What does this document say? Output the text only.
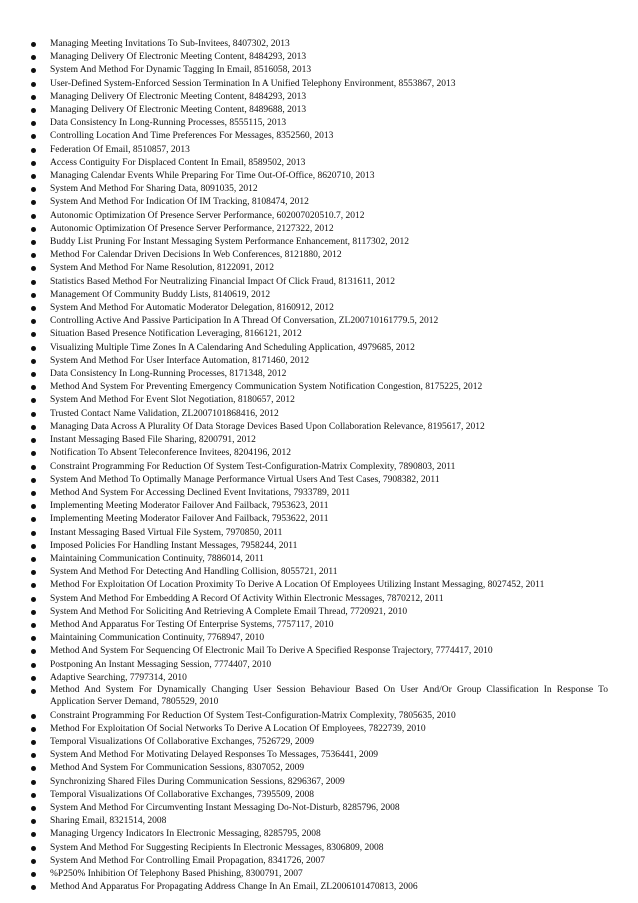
Managing Meeting Invitations To Sub-Invitees, 8407302, 2013
Managing Delivery Of Electronic Meeting Content, 8484293, 2013
System And Method For Dynamic Tagging In Email, 8516058, 2013
User-Defined System-Enforced Session Termination In A Unified Telephony Environment, 8553867, 2013
Managing Delivery Of Electronic Meeting Content, 8484293, 2013
Managing Delivery Of Electronic Meeting Content, 8489688, 2013
Data Consistency In Long-Running Processes, 8555115, 2013
Controlling Location And Time Preferences For Messages, 8352560, 2013
Federation Of Email, 8510857, 2013
Access Contiguity For Displaced Content In Email, 8589502, 2013
Managing Calendar Events While Preparing For Time Out-Of-Office, 8620710, 2013
System And Method For Sharing Data, 8091035, 2012
System And Method For Indication Of IM Tracking, 8108474, 2012
Autonomic Optimization Of Presence Server Performance, 602007020510.7, 2012
Autonomic Optimization Of Presence Server Performance, 2127322, 2012
Buddy List Pruning For Instant Messaging System Performance Enhancement, 8117302, 2012
Method For Calendar Driven Decisions In Web Conferences, 8121880, 2012
System And Method For Name Resolution, 8122091, 2012
Statistics Based Method For Neutralizing Financial Impact Of Click Fraud, 8131611, 2012
Management Of Community Buddy Lists, 8140619, 2012
System And Method For Automatic Moderator Delegation, 8160912, 2012
Controlling Active And Passive Participation In A Thread Of Conversation, ZL200710161779.5, 2012
Situation Based Presence Notification Leveraging, 8166121, 2012
Visualizing Multiple Time Zones In A Calendaring And Scheduling Application, 4979685, 2012
System And Method For User Interface Automation, 8171460, 2012
Data Consistency In Long-Running Processes, 8171348, 2012
Method And System For Preventing Emergency Communication System Notification Congestion, 8175225, 2012
System And Method For Event Slot Negotiation, 8180657, 2012
Trusted Contact Name Validation, ZL2007101868416, 2012
Managing Data Across A Plurality Of Data Storage Devices Based Upon Collaboration Relevance, 8195617, 2012
Instant Messaging Based File Sharing, 8200791, 2012
Notification To Absent Teleconference Invitees, 8204196, 2012
Constraint Programming For Reduction Of System Test-Configuration-Matrix Complexity, 7890803, 2011
System And Method To Optimally Manage Performance Virtual Users And Test Cases, 7908382, 2011
Method And System For Accessing Declined Event Invitations, 7933789, 2011
Implementing Meeting Moderator Failover And Failback, 7953623, 2011
Implementing Meeting Moderator Failover And Failback, 7953622, 2011
Instant Messaging Based Virtual File System, 7970850, 2011
Imposed Policies For Handling Instant Messages, 7958244, 2011
Maintaining Communication Continuity, 7886014, 2011
System And Method For Detecting And Handling Collision, 8055721, 2011
Method For Exploitation Of Location Proximity To Derive A Location Of Employees Utilizing Instant Messaging, 8027452, 2011
System And Method For Embedding A Record Of Activity Within Electronic Messages, 7870212, 2011
System And Method For Soliciting And Retrieving A Complete Email Thread, 7720921, 2010
Method And Apparatus For Testing Of Enterprise Systems, 7757117, 2010
Maintaining Communication Continuity, 7768947, 2010
Method And System For Sequencing Of Electronic Mail To Derive A Specified Response Trajectory, 7774417, 2010
Postponing An Instant Messaging Session, 7774407, 2010
Adaptive Searching, 7797314, 2010
Method And System For Dynamically Changing User Session Behaviour Based On User And/Or Group Classification In Response To Application Server Demand, 7805529, 2010
Constraint Programming For Reduction Of System Test-Configuration-Matrix Complexity, 7805635, 2010
Method For Exploitation Of Social Networks To Derive A Location Of Employees, 7822739, 2010
Temporal Visualizations Of Collaborative Exchanges, 7526729, 2009
System And Method For Motivating Delayed Responses To Messages, 7536441, 2009
Method And System For Communication Sessions, 8307052, 2009
Synchronizing Shared Files During Communication Sessions, 8296367, 2009
Temporal Visualizations Of Collaborative Exchanges, 7395509, 2008
System And Method For Circumventing Instant Messaging Do-Not-Disturb, 8285796, 2008
Sharing Email, 8321514, 2008
Managing Urgency Indicators In Electronic Messaging, 8285795, 2008
System And Method For Suggesting Recipients In Electronic Messages, 8306809, 2008
System And Method For Controlling Email Propagation, 8341726, 2007
%P250% Inhibition Of Telephony Based Phishing, 8300791, 2007
Method And Apparatus For Propagating Address Change In An Email, ZL2006101470813, 2006
